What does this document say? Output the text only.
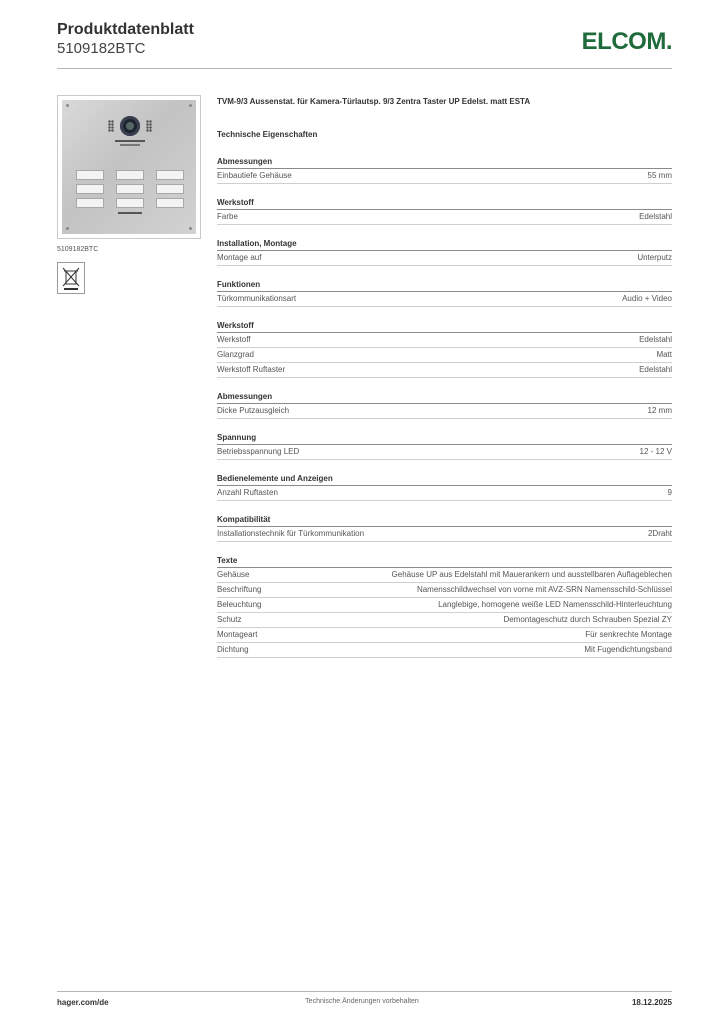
Produktdatenblatt
5109182BTC	ELCOM.
5109182BTC
TVM-9/3 Aussenstat. für Kamera-Türlautsp. 9/3 Zentra Taster UP Edelst. matt ESTA
Technische Eigenschaften
Abmessungen
Einbautiefe Gehäuse	55 mm
Werkstoff
Farbe	Edelstahl
Installation, Montage
Montage auf	Unterputz
Funktionen
Türkommunikationsart	Audio + Video
Werkstoff
Werkstoff	Edelstahl
Glanzgrad	Matt
Werkstoff Ruftaster	Edelstahl
Abmessungen
Dicke Putzausgleich	12 mm
Spannung
Betriebsspannung LED	12 - 12 V
Bedienelemente und Anzeigen
Anzahl Ruftasten	9
Kompatibilität
Installationstechnik für Türkommunikation	2Draht
Texte
Gehäuse	Gehäuse UP aus Edelstahl mit Mauerankern und ausstellbaren Auflageblechen
Beschriftung	Namensschildwechsel von vorne mit AVZ-SRN Namensschild-Schlüssel
Beleuchtung	Langlebige, homogene weiße LED Namensschild-Hinterleuchtung
Schutz	Demontageschutz durch Schrauben Spezial ZY
Montageart	Für senkrechte Montage
Dichtung	Mit Fugendichtungsband
hager.com/de	Technische Änderungen vorbehalten	18.12.2025
